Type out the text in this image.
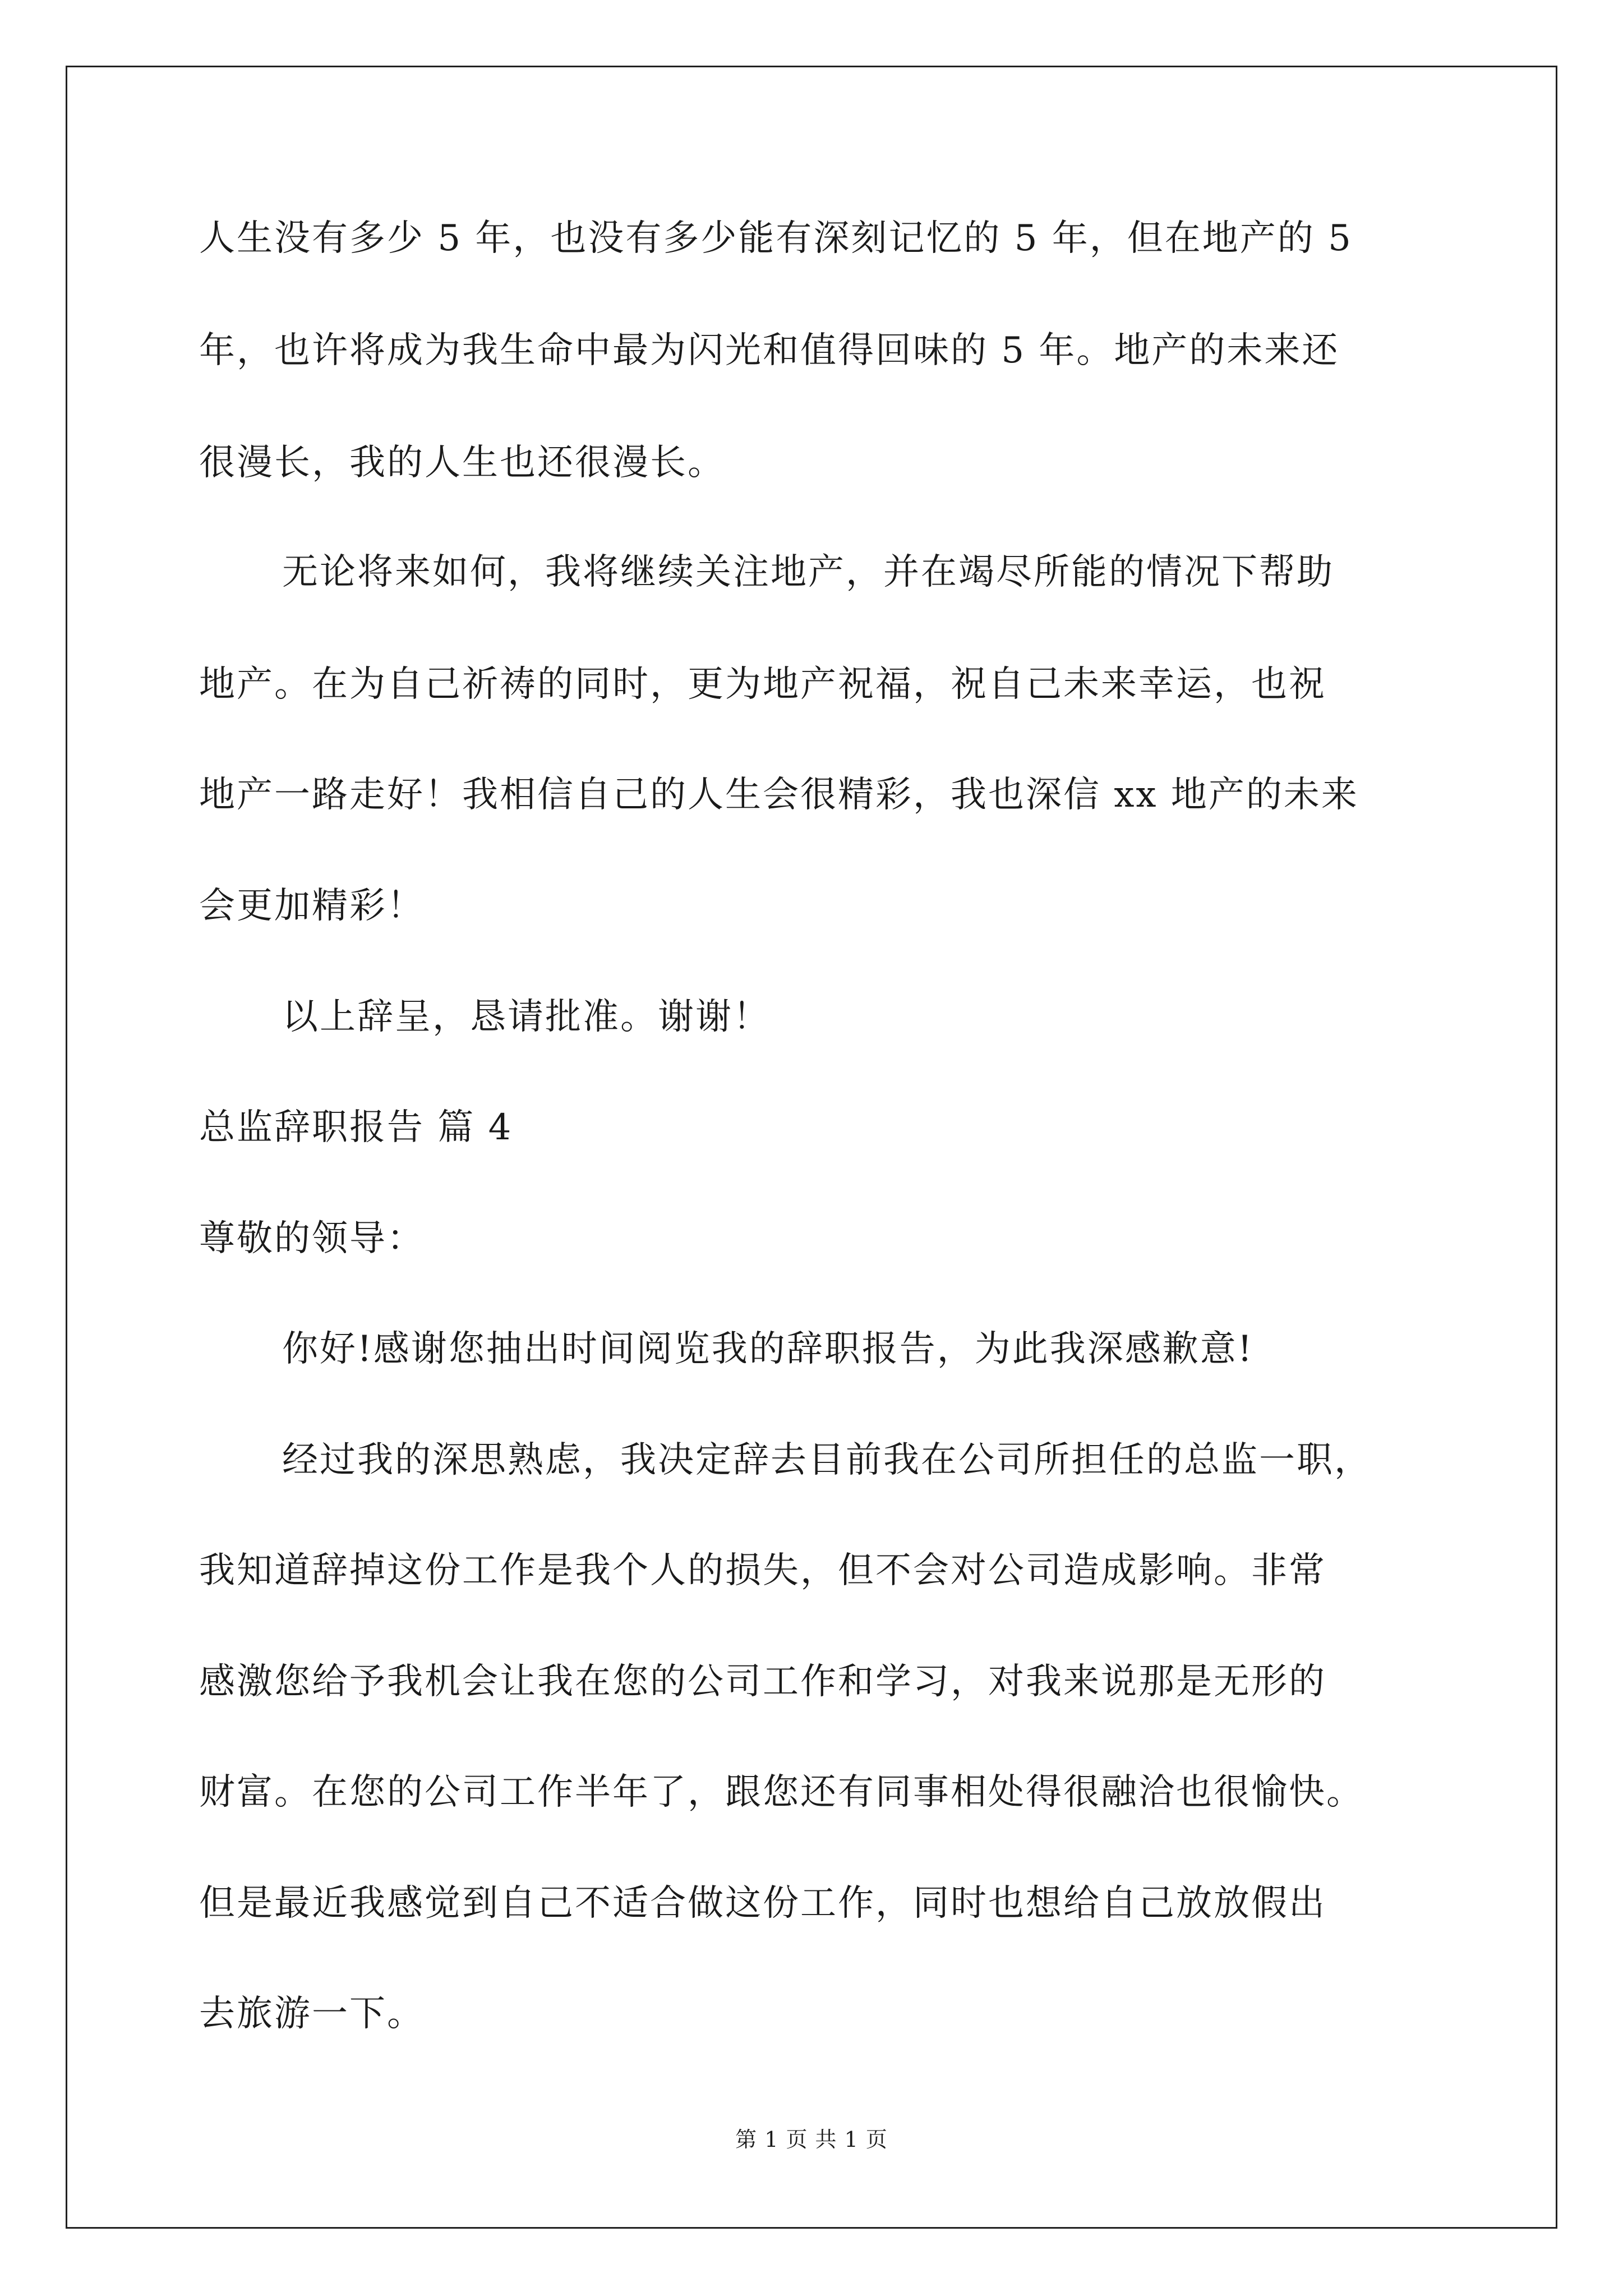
人生没有多少 5 年，也没有多少能有深刻记忆的 5 年，但在地产的 5
年，也许将成为我生命中最为闪光和值得回味的 5 年。地产的未来还
很漫长，我的人生也还很漫长。
无论将来如何，我将继续关注地产，并在竭尽所能的情况下帮助
地产。在为自己祈祷的同时，更为地产祝福，祝自己未来幸运，也祝
地产一路走好！我相信自己的人生会很精彩，我也深信 xx 地产的未来
会更加精彩！
以上辞呈，恳请批准。谢谢！
总监辞职报告 篇 4
尊敬的领导：
你好!感谢您抽出时间阅览我的辞职报告，为此我深感歉意!
经过我的深思熟虑，我决定辞去目前我在公司所担任的总监一职，
我知道辞掉这份工作是我个人的损失，但不会对公司造成影响。非常
感激您给予我机会让我在您的公司工作和学习，对我来说那是无形的
财富。在您的公司工作半年了，跟您还有同事相处得很融洽也很愉快。
但是最近我感觉到自己不适合做这份工作，同时也想给自己放放假出
去旅游一下。
第 1 页 共 1 页
